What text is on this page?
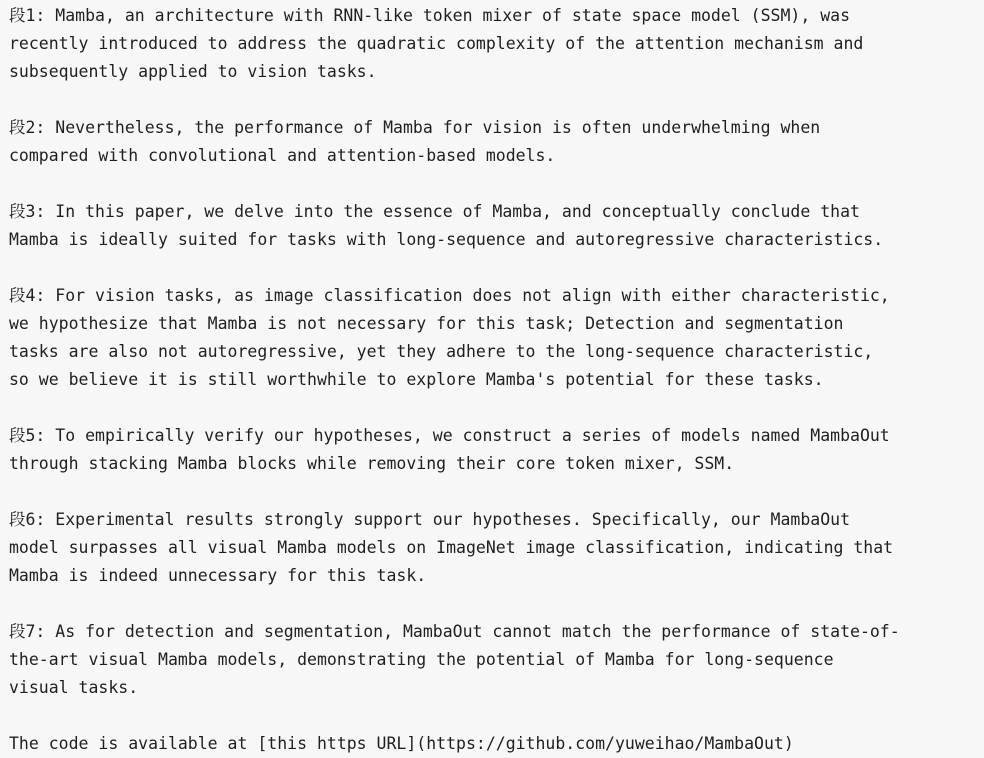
段1: Mamba, an architecture with RNN-like token mixer of state space model (SSM), was
recently introduced to address the quadratic complexity of the attention mechanism and
subsequently applied to vision tasks.

段2: Nevertheless, the performance of Mamba for vision is often underwhelming when
compared with convolutional and attention-based models.

段3: In this paper, we delve into the essence of Mamba, and conceptually conclude that
Mamba is ideally suited for tasks with long-sequence and autoregressive characteristics.

段4: For vision tasks, as image classification does not align with either characteristic,
we hypothesize that Mamba is not necessary for this task; Detection and segmentation
tasks are also not autoregressive, yet they adhere to the long-sequence characteristic,
so we believe it is still worthwhile to explore Mamba's potential for these tasks.

段5: To empirically verify our hypotheses, we construct a series of models named MambaOut
through stacking Mamba blocks while removing their core token mixer, SSM.

段6: Experimental results strongly support our hypotheses. Specifically, our MambaOut
model surpasses all visual Mamba models on ImageNet image classification, indicating that
Mamba is indeed unnecessary for this task.

段7: As for detection and segmentation, MambaOut cannot match the performance of state-of-
the-art visual Mamba models, demonstrating the potential of Mamba for long-sequence
visual tasks.

The code is available at [this https URL](https://github.com/yuweihao/MambaOut)
